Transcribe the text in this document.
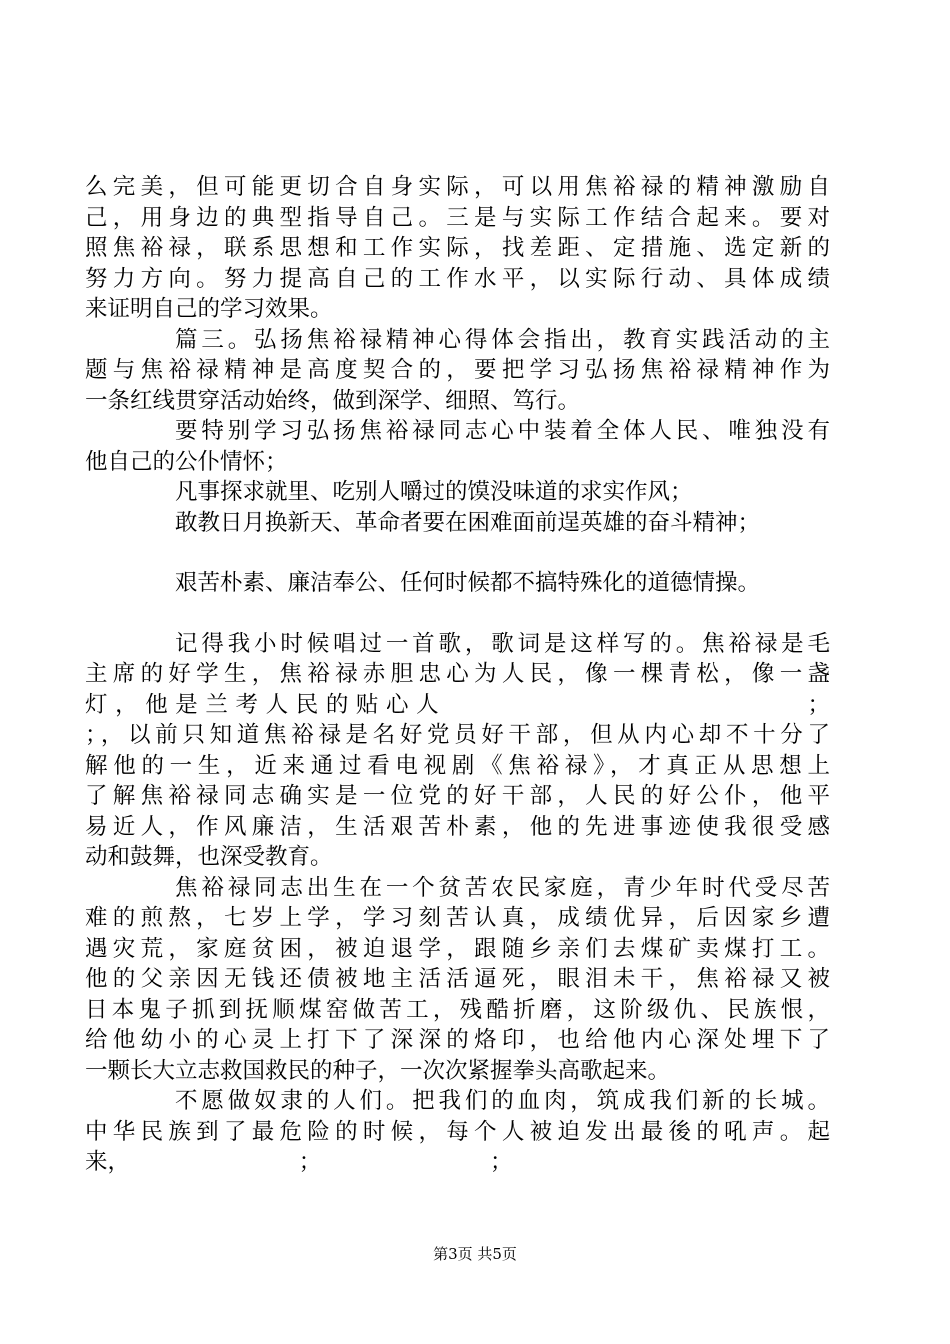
么完美，但可能更切合自身实际，可以用焦裕禄的精神激励自
己，用身边的典型指导自己。三是与实际工作结合起来。要对
照焦裕禄，联系思想和工作实际，找差距、定措施、选定新的
努力方向。努力提高自己的工作水平，以实际行动、具体成绩
来证明自己的学习效果。

篇三。弘扬焦裕禄精神心得体会指出，教育实践活动的主
题与焦裕禄精神是高度契合的，要把学习弘扬焦裕禄精神作为
一条红线贯穿活动始终，做到深学、细照、笃行。

要特别学习弘扬焦裕禄同志心中装着全体人民、唯独没有
他自己的公仆情怀；

凡事探求就里、吃别人嚼过的馍没味道的求实作风；

敢教日月换新天、革命者要在困难面前逞英雄的奋斗精神；

艰苦朴素、廉洁奉公、任何时候都不搞特殊化的道德情操。

记得我小时候唱过一首歌，歌词是这样写的。焦裕禄是毛
主席的好学生，焦裕禄赤胆忠心为人民，像一棵青松，像一盏
灯，他是兰考人民的贴心人　　　　　　　　　　　　；
；，以前只知道焦裕禄是名好党员好干部，但从内心却不十分了
解他的一生，近来通过看电视剧《焦裕禄》，才真正从思想上
了解焦裕禄同志确实是一位党的好干部，人民的好公仆，他平
易近人，作风廉洁，生活艰苦朴素，他的先进事迹使我很受感
动和鼓舞，也深受教育。

焦裕禄同志出生在一个贫苦农民家庭，青少年时代受尽苦
难的煎熬，七岁上学，学习刻苦认真，成绩优异，后因家乡遭
遇灾荒，家庭贫困，被迫退学，跟随乡亲们去煤矿卖煤打工。
他的父亲因无钱还债被地主活活逼死，眼泪未干，焦裕禄又被
日本鬼子抓到抚顺煤窑做苦工，残酷折磨，这阶级仇、民族恨，
给他幼小的心灵上打下了深深的烙印，也给他内心深处埋下了
一颗长大立志救国救民的种子，一次次紧握拳头高歌起来。

不愿做奴隶的人们。把我们的血肉，筑成我们新的长城。
中华民族到了最危险的时候，每个人被迫发出最後的吼声。起
来，　　　　　　　　；　　　　　　　　；

第3页 共5页
